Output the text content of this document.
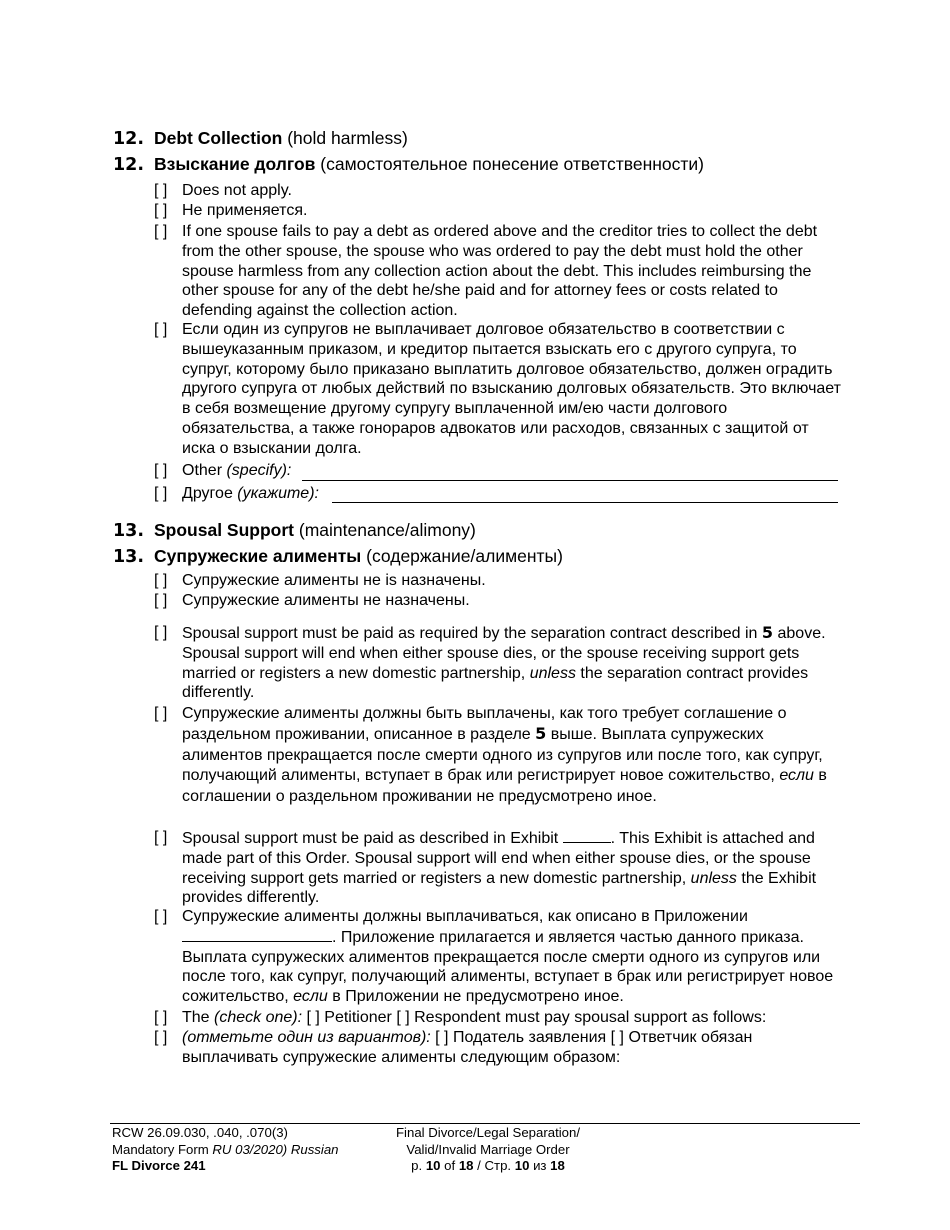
12. Debt Collection (hold harmless)
12. Взыскание долгов (самостоятельное понесение ответственности)
[ ] Does not apply.
[ ] Не применяется.
[ ] If one spouse fails to pay a debt as ordered above and the creditor tries to collect the debt from the other spouse, the spouse who was ordered to pay the debt must hold the other spouse harmless from any collection action about the debt. This includes reimbursing the other spouse for any of the debt he/she paid and for attorney fees or costs related to defending against the collection action.
[ ] Если один из супругов не выплачивает долговое обязательство в соответствии с вышеуказанным приказом, и кредитор пытается взыскать его с другого супруга, то супруг, которому было приказано выплатить долговое обязательство, должен оградить другого супруга от любых действий по взысканию долговых обязательств. Это включает в себя возмещение другому супругу выплаченной им/ею части долгового обязательства, а также гонораров адвокатов или расходов, связанных с защитой от иска о взыскании долга.
[ ] Other (specify):
[ ] Другое (укажите):
13. Spousal Support (maintenance/alimony)
13. Супружеские алименты (содержание/алименты)
[ ] Супружеские алименты не is назначены.
[ ] Супружеские алименты не назначены.
[ ] Spousal support must be paid as required by the separation contract described in 5 above. Spousal support will end when either spouse dies, or the spouse receiving support gets married or registers a new domestic partnership, unless the separation contract provides differently.
[ ] Супружеские алименты должны быть выплачены, как того требует соглашение о раздельном проживании, описанное в разделе 5 выше. Выплата супружеских алиментов прекращается после смерти одного из супругов или после того, как супруг, получающий алименты, вступает в брак или регистрирует новое сожительство, если в соглашении о раздельном проживании не предусмотрено иное.
[ ] Spousal support must be paid as described in Exhibit	. This Exhibit is attached and made part of this Order. Spousal support will end when either spouse dies, or the spouse receiving support gets married or registers a new domestic partnership, unless the Exhibit provides differently.
[ ] Супружеские алименты должны выплачиваться, как описано в Приложении . Приложение прилагается и является частью данного приказа. Выплата супружеских алиментов прекращается после смерти одного из супругов или после того, как супруг, получающий алименты, вступает в брак или регистрирует новое сожительство, если в Приложении не предусмотрено иное.
[ ] The (check one): [ ] Petitioner [ ] Respondent must pay spousal support as follows:
[ ] (отметьте один из вариантов): [ ] Податель заявления [ ] Ответчик обязан выплачивать супружеские алименты следующим образом:
RCW 26.09.030, .040, .070(3)
Mandatory Form RU 03/2020) Russian
FL Divorce 241
Final Divorce/Legal Separation/
Valid/Invalid Marriage Order
p. 10 of 18 / Стр. 10 из 18
